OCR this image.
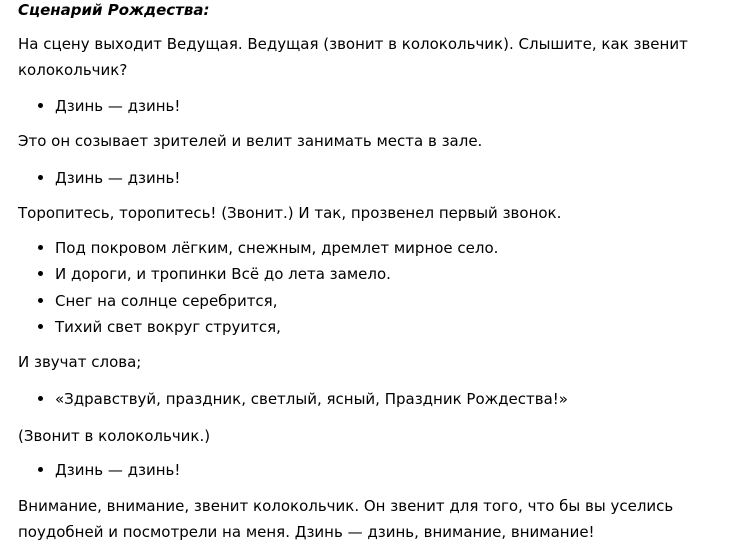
Сценарий Рождества:
На сцену выходит Ведущая. Ведущая (звонит в колокольчик). Слышите, как звенит колокольчик?
Дзинь — дзинь!
Это он созывает зрителей и велит занимать места в зале.
Дзинь — дзинь!
Торопитесь, торопитесь! (Звонит.) И так, прозвенел первый звонок.
Под покровом лёгким, снежным, дремлет мирное село.
И дороги, и тропинки Всё до лета замело.
Снег на солнце серебрится,
Тихий свет вокруг струится,
И звучат слова;
«Здравствуй, праздник, светлый, ясный, Праздник Рождества!»
(Звонит в колокольчик.)
Дзинь — дзинь!
Внимание, внимание, звенит колокольчик. Он звенит для того, что бы вы уселись поудобней и посмотрели на меня. Дзинь — дзинь, внимание, внимание!
